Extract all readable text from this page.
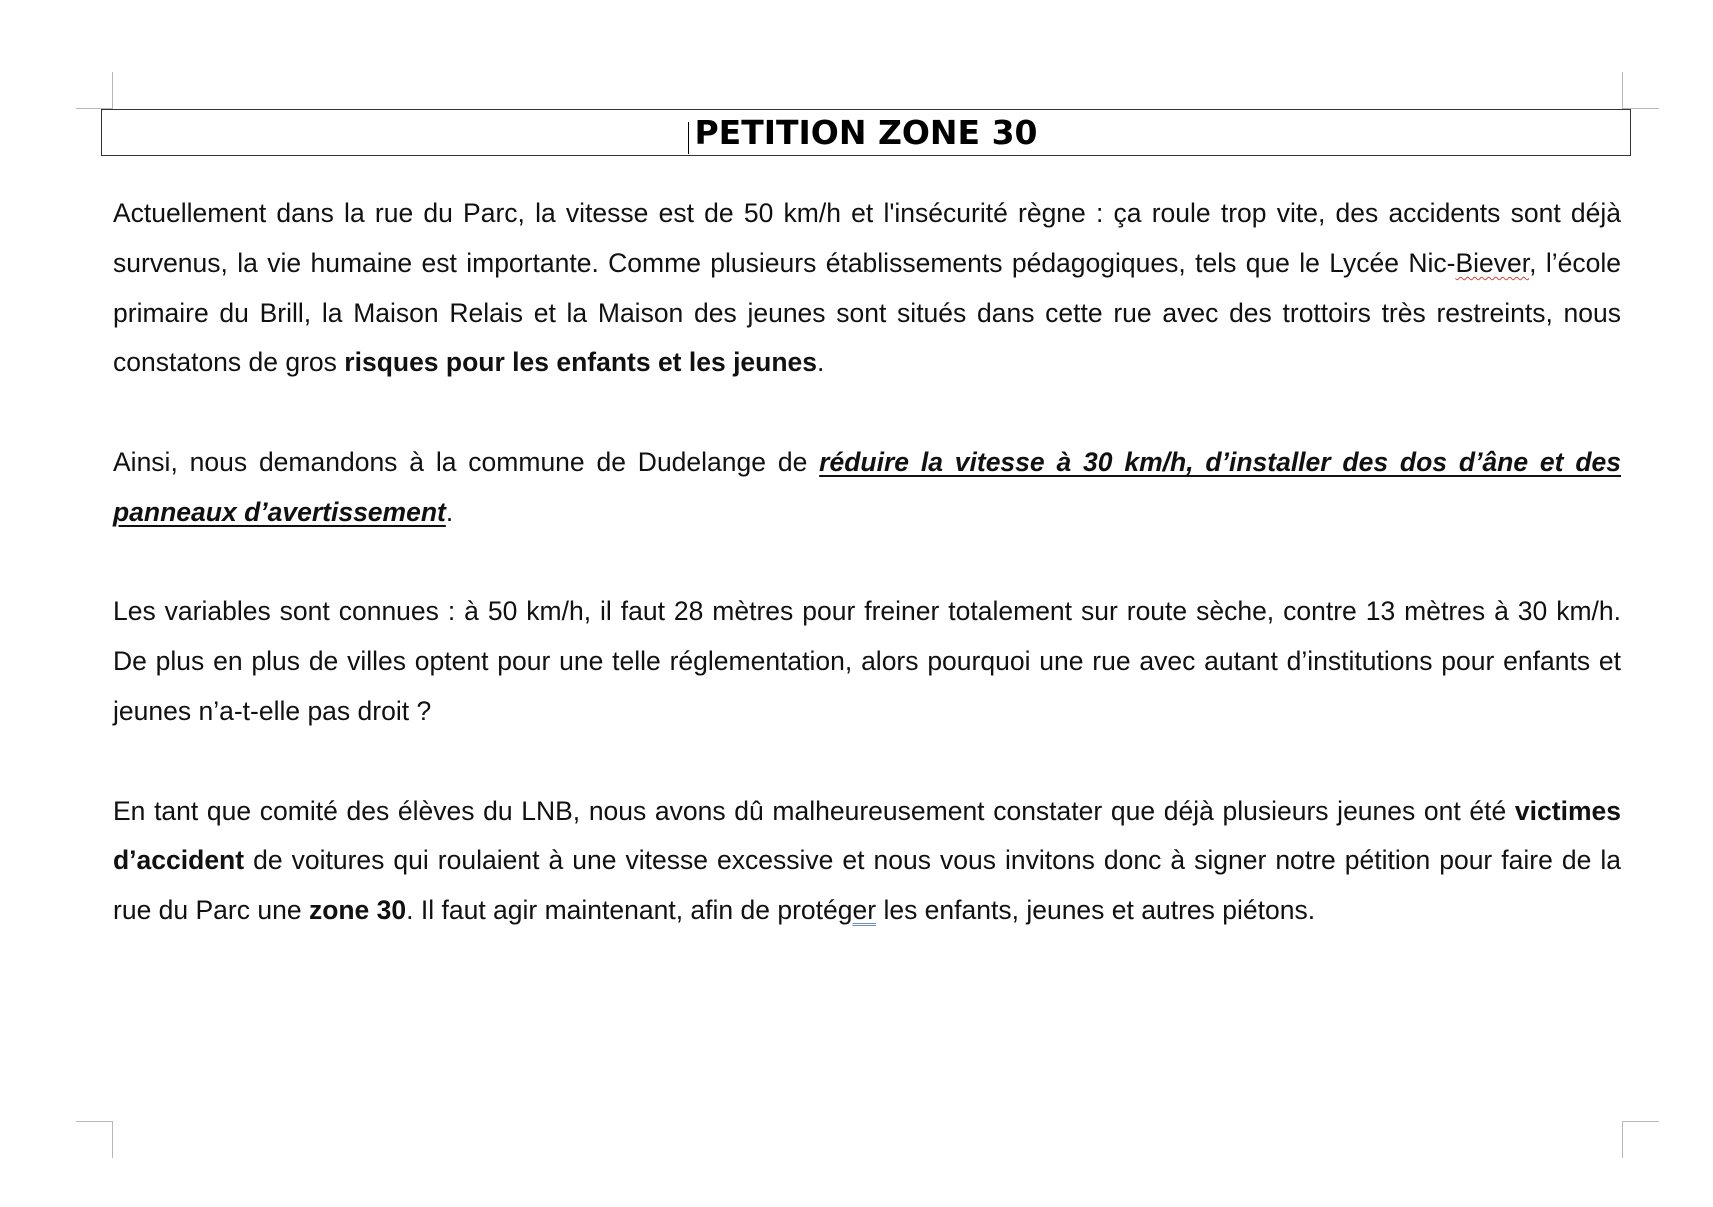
PETITION ZONE 30

Actuellement dans la rue du Parc, la vitesse est de 50 km/h et l'insécurité règne : ça roule trop vite, des accidents sont déjà survenus, la vie humaine est importante. Comme plusieurs établissements pédagogiques, tels que le Lycée Nic-Biever, l’école primaire du Brill, la Maison Relais et la Maison des jeunes sont situés dans cette rue avec des trottoirs très restreints, nous constatons de gros risques pour les enfants et les jeunes.

Ainsi, nous demandons à la commune de Dudelange de réduire la vitesse à 30 km/h, d’installer des dos d’âne et des panneaux d’avertissement.

Les variables sont connues : à 50 km/h, il faut 28 mètres pour freiner totalement sur route sèche, contre 13 mètres à 30 km/h. De plus en plus de villes optent pour une telle réglementation, alors pourquoi une rue avec autant d’institutions pour enfants et jeunes n’a-t-elle pas droit ?

En tant que comité des élèves du LNB, nous avons dû malheureusement constater que déjà plusieurs jeunes ont été victimes d’accident de voitures qui roulaient à une vitesse excessive et nous vous invitons donc à signer notre pétition pour faire de la rue du Parc une zone 30. Il faut agir maintenant, afin de protéger les enfants, jeunes et autres piétons.
